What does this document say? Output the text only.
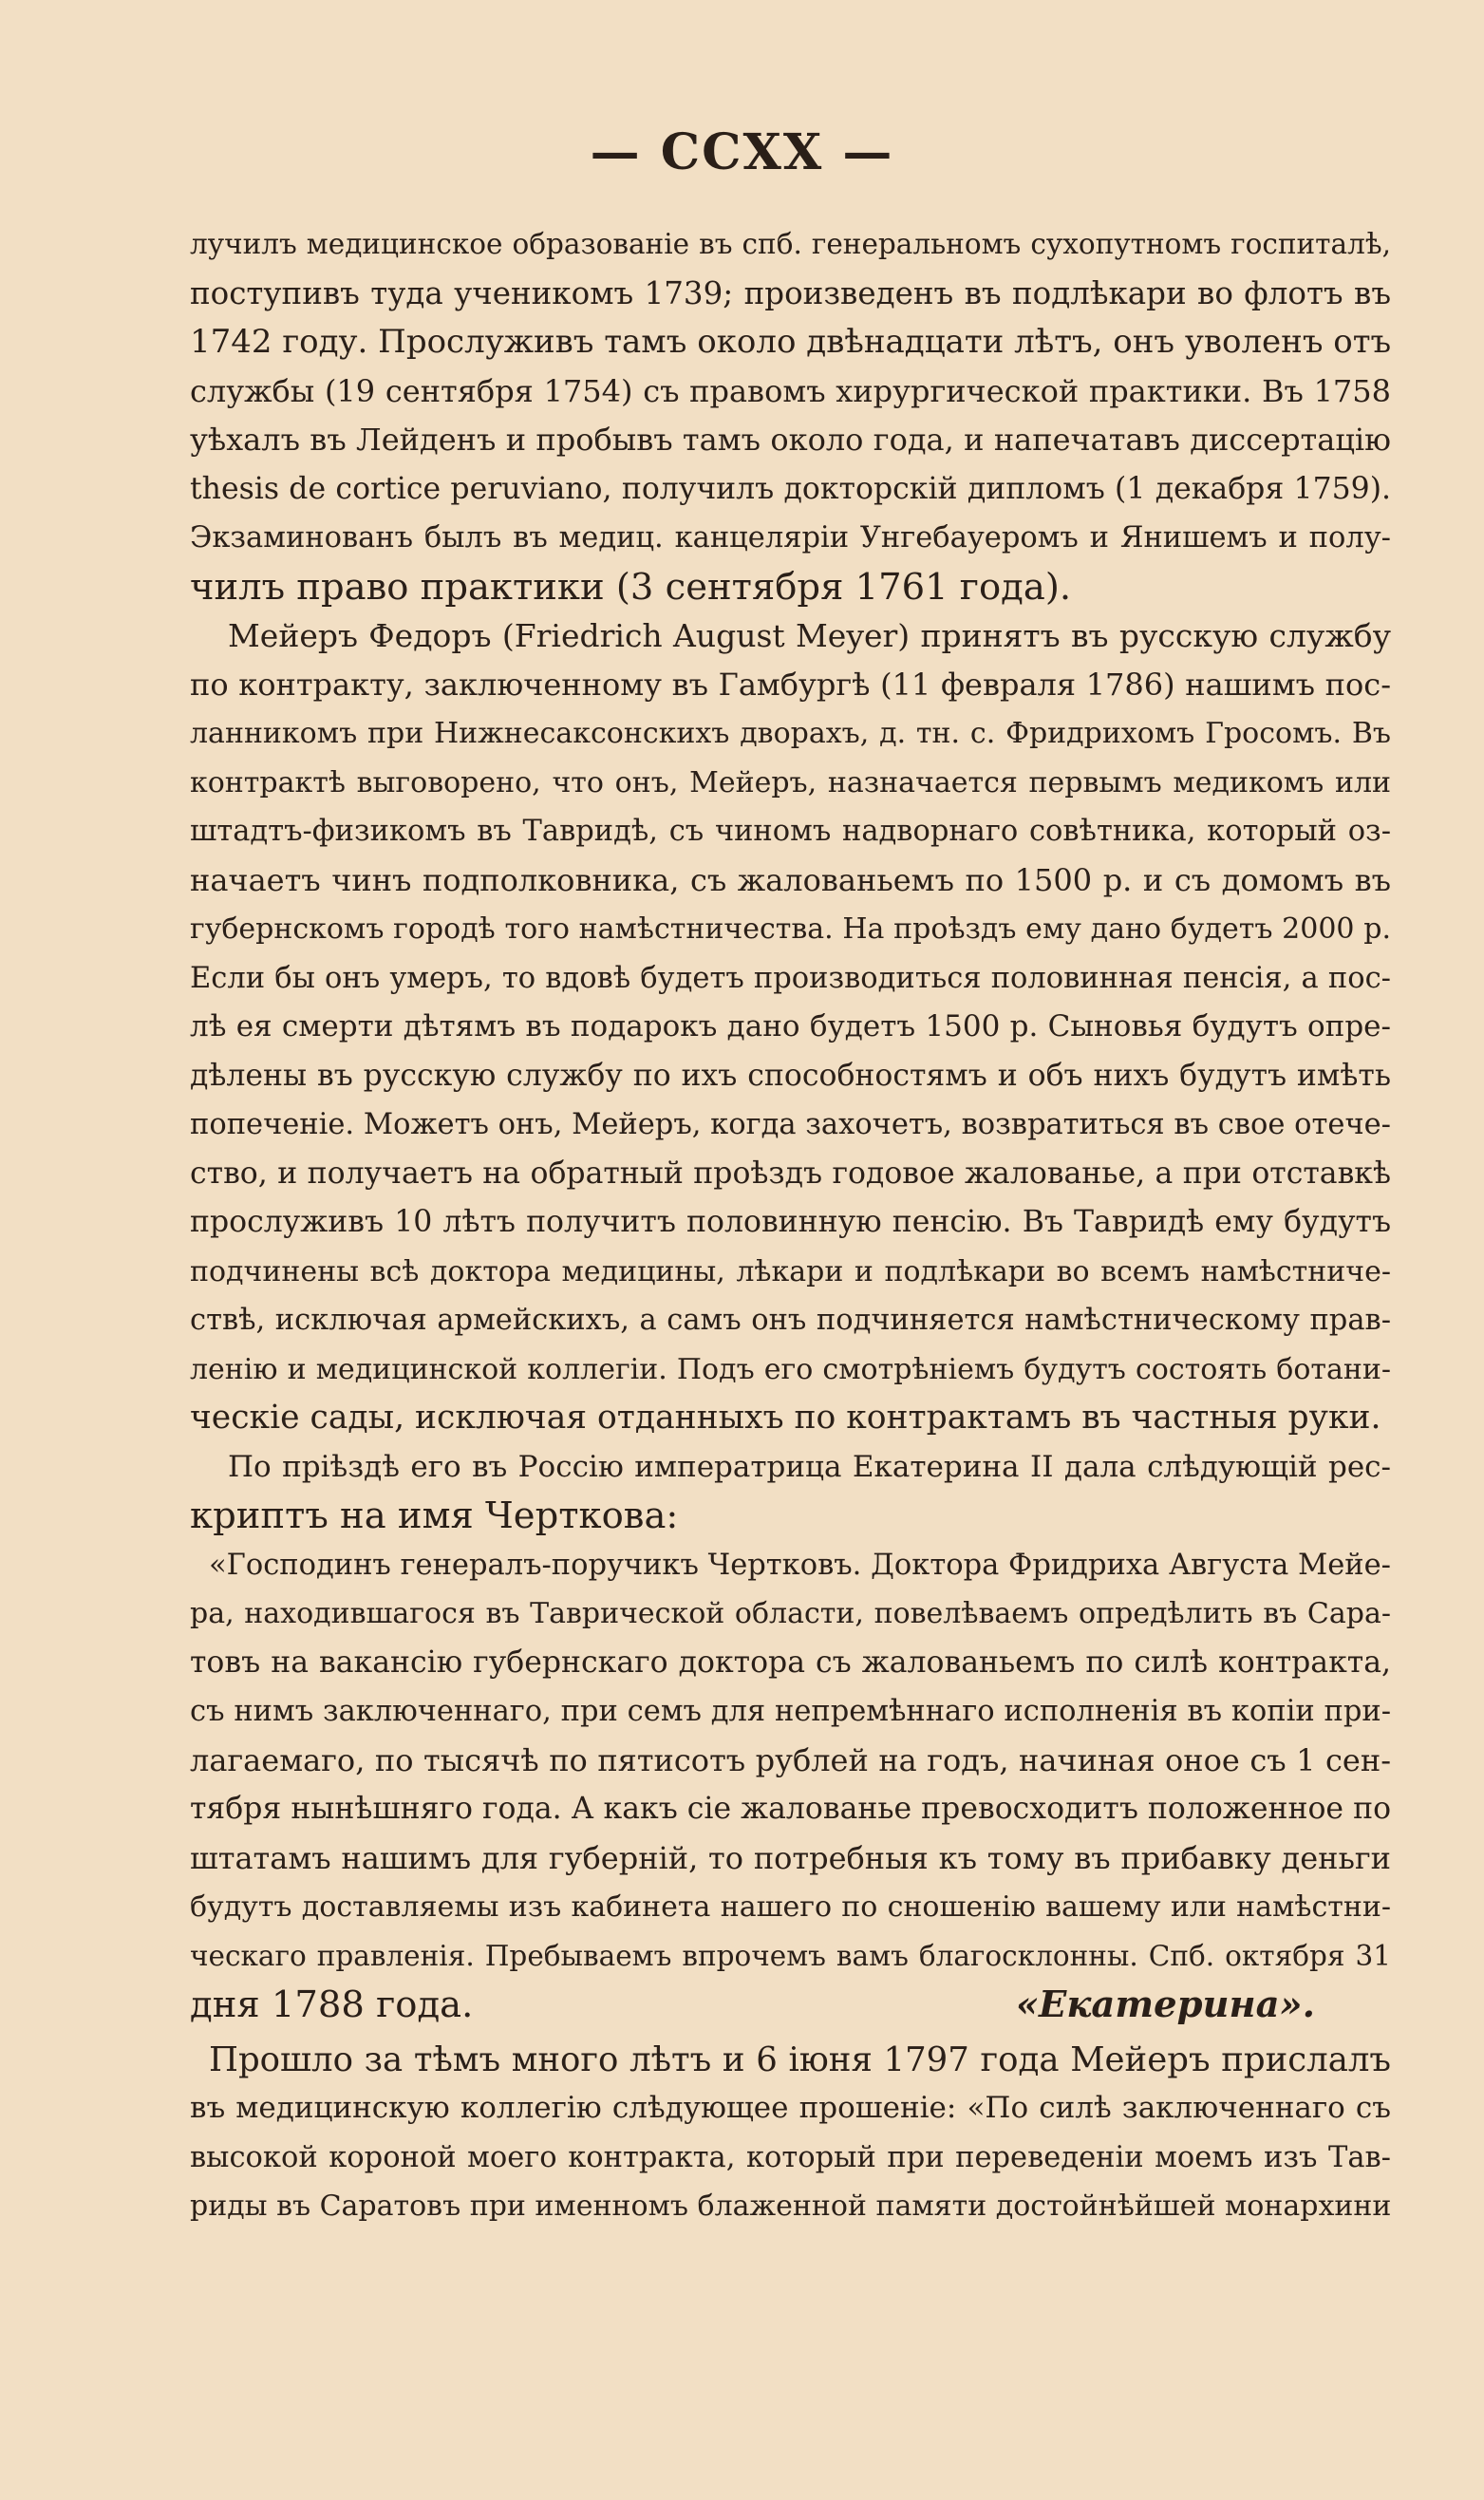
— CCXX —
лучилъ медицинское образованіе въ спб. генеральномъ сухопутномъ госпиталѣ,
поступивъ туда ученикомъ 1739; произведенъ въ подлѣкари во флотъ въ
1742 году. Прослуживъ тамъ около двѣнадцати лѣтъ, онъ уволенъ отъ
службы (19 сентября 1754) съ правомъ хирургической практики. Въ 1758
уѣхалъ въ Лейденъ и пробывъ тамъ около года, и напечатавъ диссертацію
thesis de cortice peruviano, получилъ докторскій дипломъ (1 декабря 1759).
Экзаминованъ былъ въ медиц. канцеляріи Унгебауеромъ и Янишемъ и полу-
чилъ право практики (3 сентября 1761 года).
Мейеръ Федоръ (Friedrich August Meyer) принятъ въ русскую службу
по контракту, заключенному въ Гамбургѣ (11 февраля 1786) нашимъ пос-
ланникомъ при Нижнесаксонскихъ дворахъ, д. тн. с. Фридрихомъ Гросомъ. Въ
контрактѣ выговорено, что онъ, Мейеръ, назначается первымъ медикомъ или
штадтъ-физикомъ въ Тавридѣ, съ чиномъ надворнаго совѣтника, который оз-
начаетъ чинъ подполковника, съ жалованьемъ по 1500 р. и съ домомъ въ
губернскомъ городѣ того намѣстничества. На проѣздъ ему дано будетъ 2000 р.
Если бы онъ умеръ, то вдовѣ будетъ производиться половинная пенсія, а пос-
лѣ ея смерти дѣтямъ въ подарокъ дано будетъ 1500 р. Сыновья будутъ опре-
дѣлены въ русскую службу по ихъ способностямъ и объ нихъ будутъ имѣть
попеченіе. Можетъ онъ, Мейеръ, когда захочетъ, возвратиться въ свое отече-
ство, и получаетъ на обратный проѣздъ годовое жалованье, а при отставкѣ
прослуживъ 10 лѣтъ получитъ половинную пенсію. Въ Тавридѣ ему будутъ
подчинены всѣ доктора медицины, лѣкари и подлѣкари во всемъ намѣстниче-
ствѣ, исключая армейскихъ, а самъ онъ подчиняется намѣстническому прав-
ленію и медицинской коллегіи. Подъ его смотрѣніемъ будутъ состоять ботани-
ческіе сады, исключая отданныхъ по контрактамъ въ частныя руки.
По пріѣздѣ его въ Россію императрица Екатерина II дала слѣдующій рес-
криптъ на имя Черткова:
«Господинъ генералъ-поручикъ Чертковъ. Доктора Фридриха Августа Мейе-
ра, находившагося въ Таврической области, повелѣваемъ опредѣлить въ Сара-
товъ на вакансію губернскаго доктора съ жалованьемъ по силѣ контракта,
съ нимъ заключеннаго, при семъ для непремѣннаго исполненія въ копіи при-
лагаемаго, по тысячѣ по пятисотъ рублей на годъ, начиная оное съ 1 сен-
тября нынѣшняго года. А какъ сіе жалованье превосходитъ положенное по
штатамъ нашимъ для губерній, то потребныя къ тому въ прибавку деньги
будутъ доставляемы изъ кабинета нашего по сношенію вашему или намѣстни-
ческаго правленія. Пребываемъ впрочемъ вамъ благосклонны. Спб. октября 31
дня 1788 года.	«Екатерина».
Прошло за тѣмъ много лѣтъ и 6 іюня 1797 года Мейеръ прислалъ
въ медицинскую коллегію слѣдующее прошеніе: «По силѣ заключеннаго съ
высокой короной моего контракта, который при переведеніи моемъ изъ Тав-
риды въ Саратовъ при именномъ блаженной памяти достойнѣйшей монархини
